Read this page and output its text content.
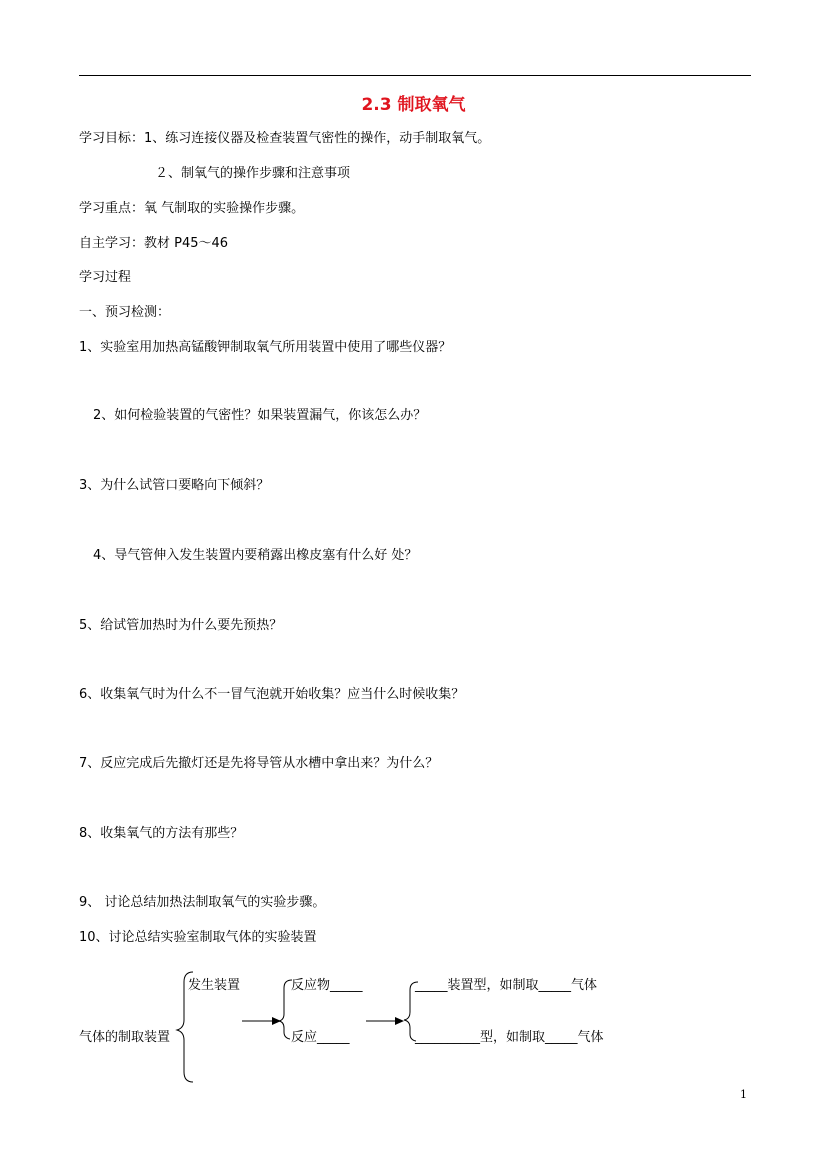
2.3 制取氧气
学习目标：1、练习连接仪器及检查装置气密性的操作，动手制取氧气。
２、制氧气的操作步骤和注意事项
学习重点：氧 气制取的实验操作步骤。
自主学习：教材 P45～46
学习过程
一、预习检测：
1、实验室用加热高锰酸钾制取氧气所用装置中使用了哪些仪器？
2、如何检验装置的气密性？如果装置漏气，你该怎么办？
3、为什么试管口要略向下倾斜？
4、导气管伸入发生装置内要稍露出橡皮塞有什么好 处？
5、给试管加热时为什么要先预热？
6、收集氧气时为什么不一冒气泡就开始收集？应当什么时候收集？
7、反应完成后先撤灯还是先将导管从水槽中拿出来？为什么？
8、收集氧气的方法有那些？
9、 讨论总结加热法制取氧气的实验步骤。
10、讨论总结实验室制取气体的实验装置
发生装置
气体的制取装置
反应物_____
反应_____
_____装置型，如制取_____气体
__________型，如制取_____气体
1
